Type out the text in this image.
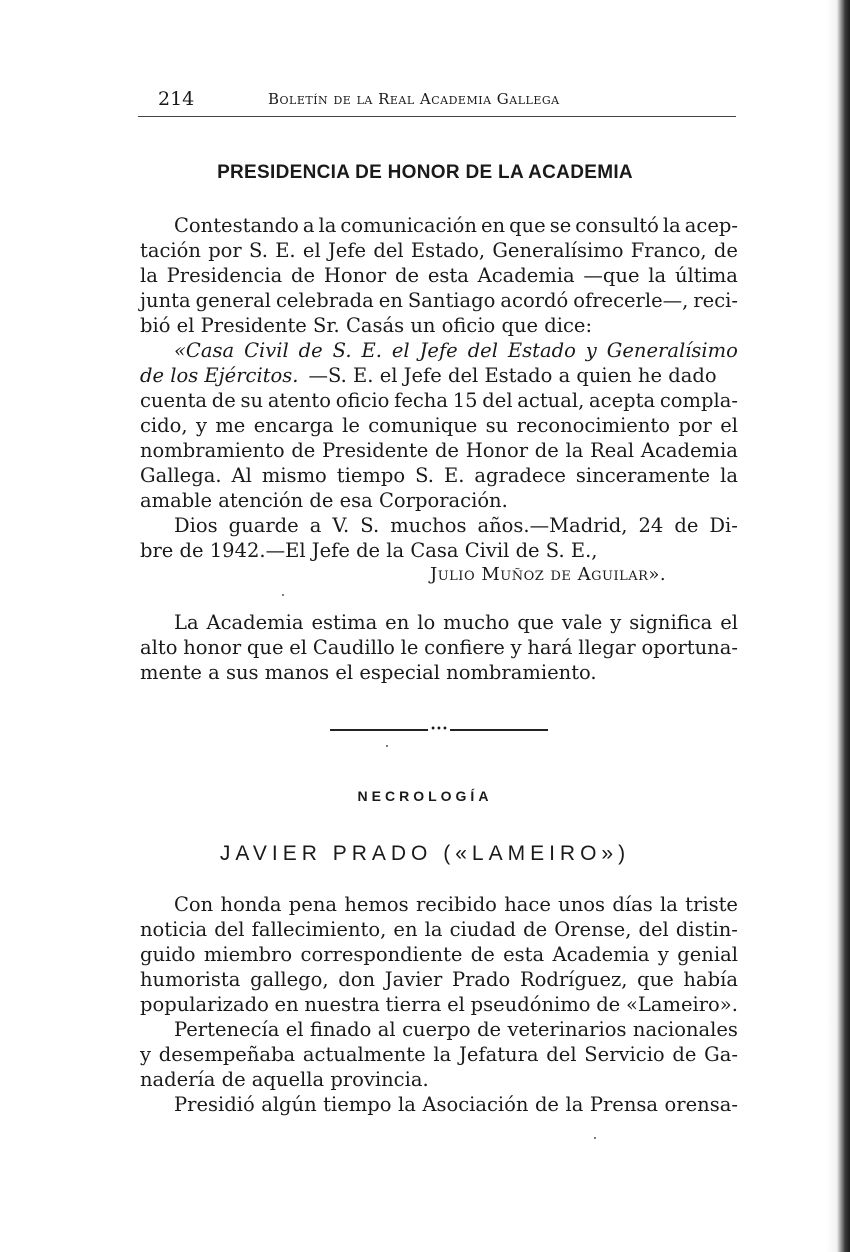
214	Boletín de la Real Academia Gallega
PRESIDENCIA DE HONOR DE LA ACADEMIA
Contestando a la comunicación en que se consultó la acep-
tación por S. E. el Jefe del Estado, Generalísimo Franco, de
la Presidencia de Honor de esta Academia —que la última
junta general celebrada en Santiago acordó ofrecerle—, reci-
bió el Presidente Sr. Casás un oficio que dice:
«Casa Civil de S. E. el Jefe del Estado y Generalísimo
de los Ejércitos. —S. E. el Jefe del Estado a quien he dado
cuenta de su atento oficio fecha 15 del actual, acepta compla-
cido, y me encarga le comunique su reconocimiento por el
nombramiento de Presidente de Honor de la Real Academia
Gallega. Al mismo tiempo S. E. agradece sinceramente la
amable atención de esa Corporación.
Dios guarde a V. S. muchos años.—Madrid, 24 de Di-
bre de 1942.—El Jefe de la Casa Civil de S. E.,
Julio Muñoz de Aguilar».
La Academia estima en lo mucho que vale y significa el
alto honor que el Caudillo le confiere y hará llegar oportuna-
mente a sus manos el especial nombramiento.
•••
NECROLOGÍA
JAVIER PRADO («LAMEIRO»)
Con honda pena hemos recibido hace unos días la triste
noticia del fallecimiento, en la ciudad de Orense, del distin-
guido miembro correspondiente de esta Academia y genial
humorista gallego, don Javier Prado Rodríguez, que había
popularizado en nuestra tierra el pseudónimo de «Lameiro».
Pertenecía el finado al cuerpo de veterinarios nacionales
y desempeñaba actualmente la Jefatura del Servicio de Ga-
nadería de aquella provincia.
Presidió algún tiempo la Asociación de la Prensa orensa-
